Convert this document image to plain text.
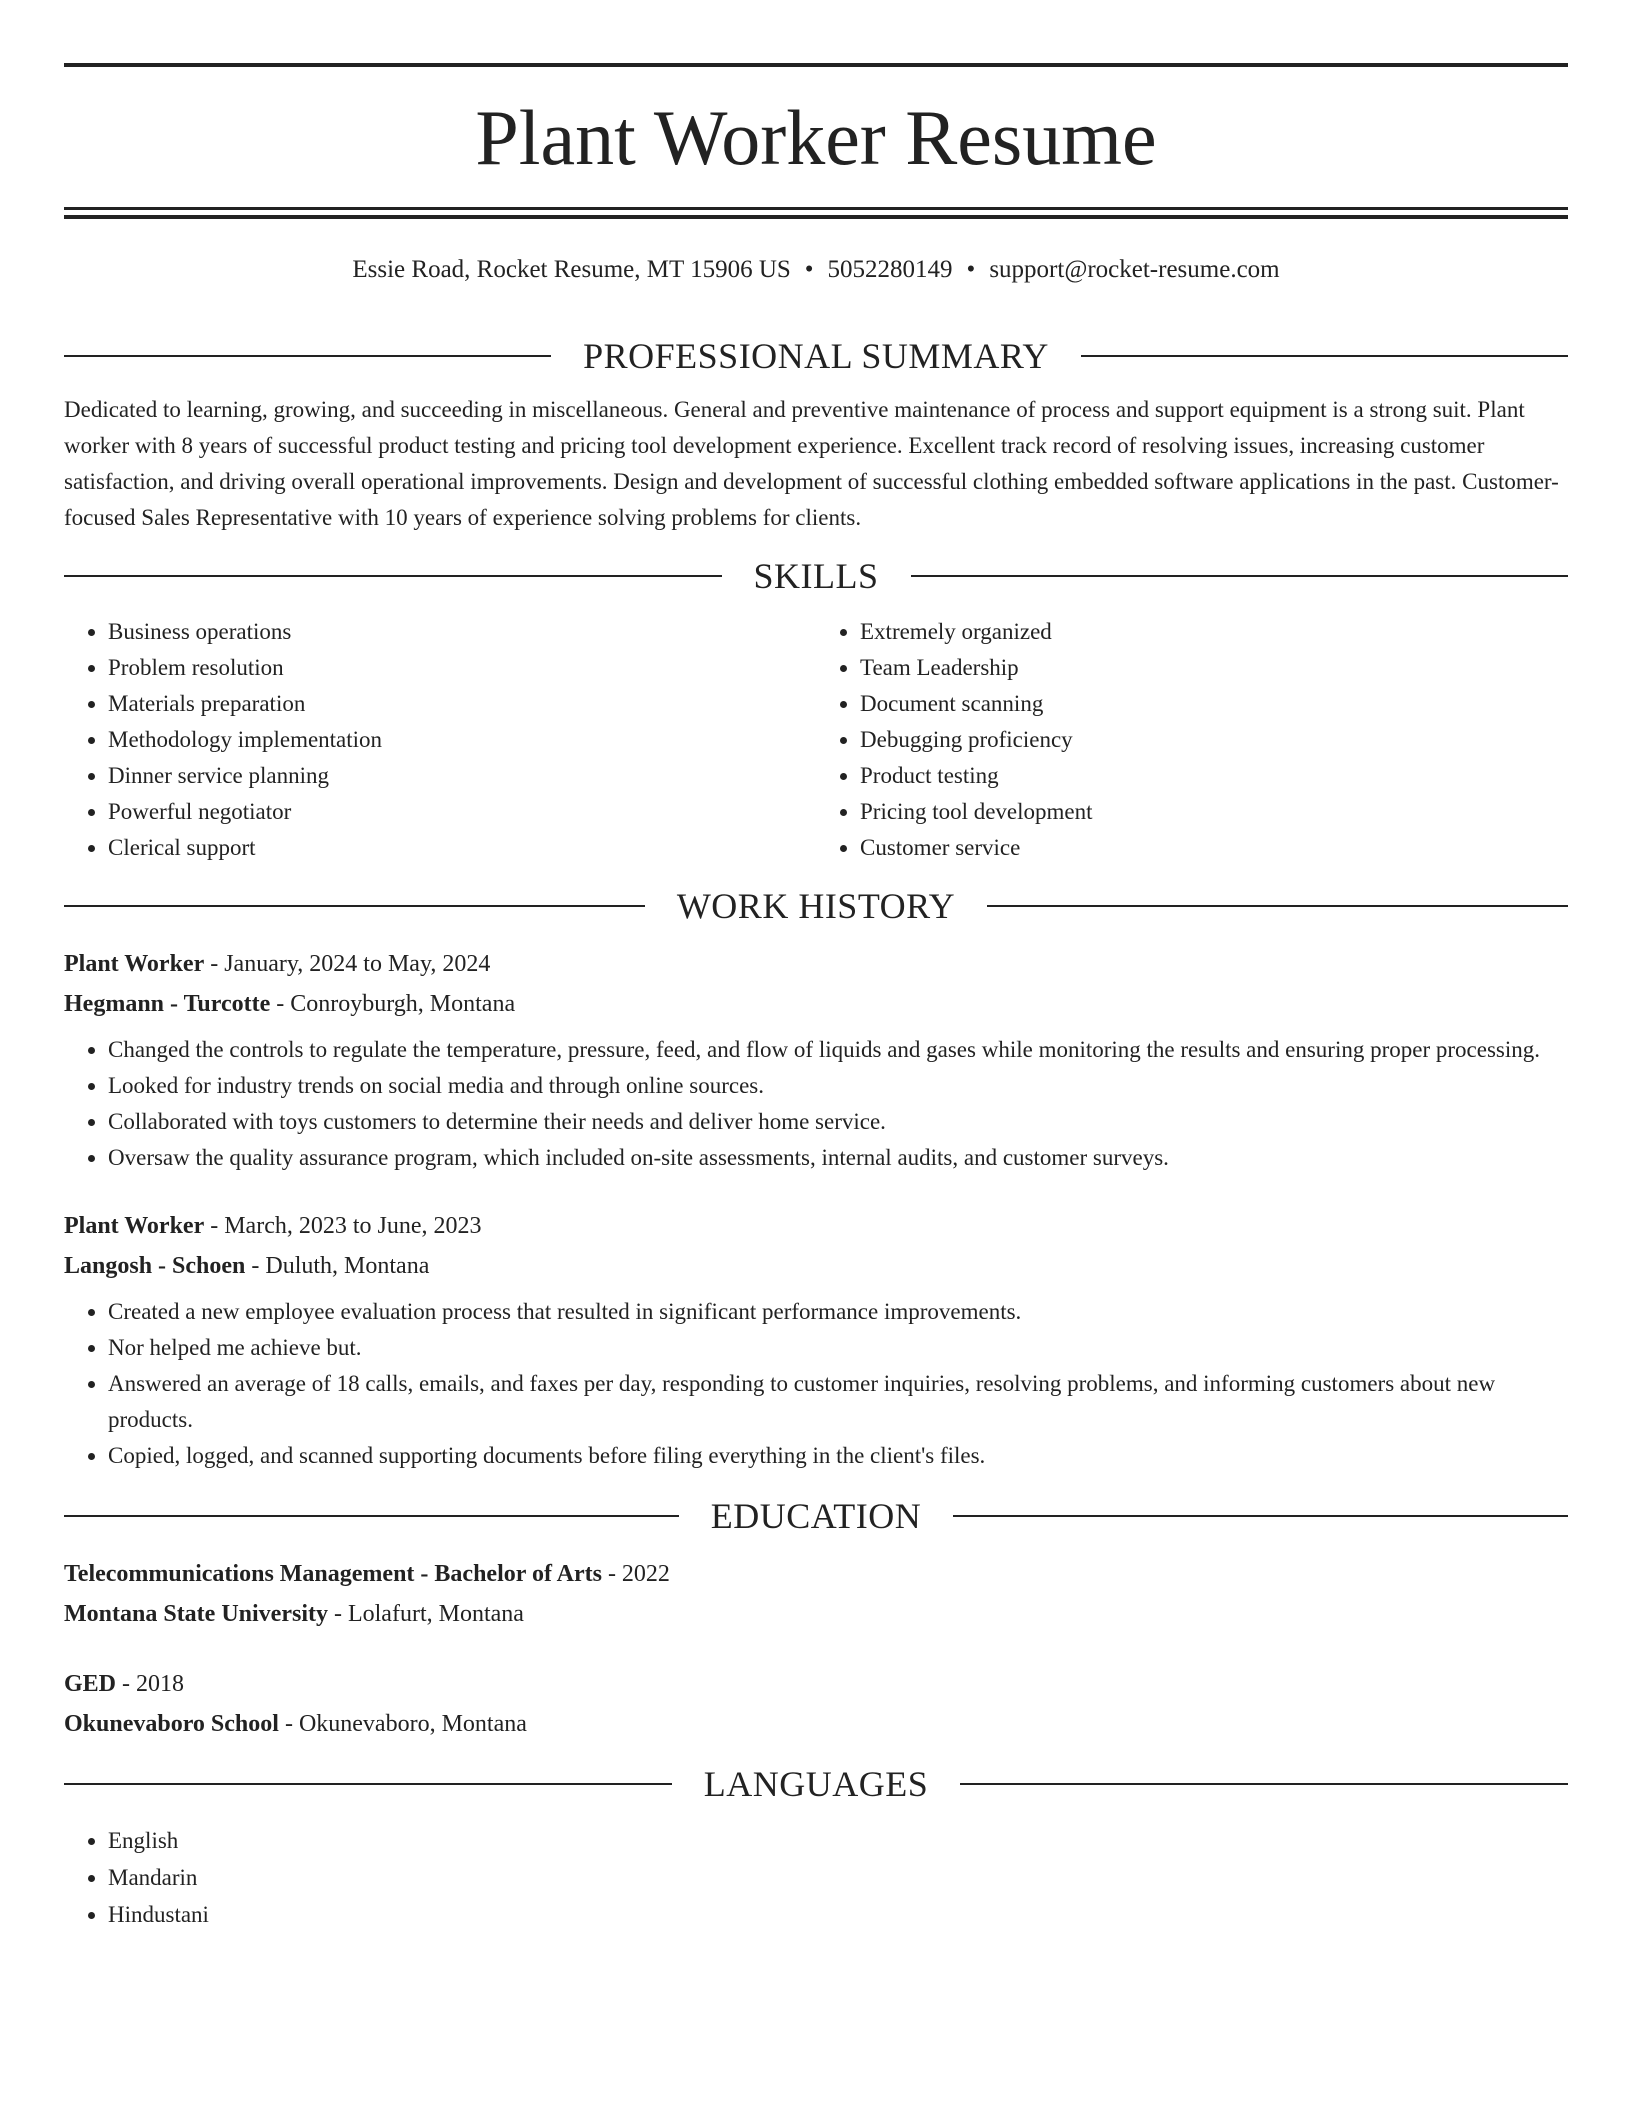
Plant Worker Resume
Essie Road, Rocket Resume, MT 15906 US • 5052280149 • support@rocket-resume.com
PROFESSIONAL SUMMARY

Dedicated to learning, growing, and succeeding in miscellaneous. General and preventive maintenance of process and support equipment is a strong suit. Plant worker with 8 years of successful product testing and pricing tool development experience. Excellent track record of resolving issues, increasing customer satisfaction, and driving overall operational improvements. Design and development of successful clothing embedded software applications in the past. Customer-focused Sales Representative with 10 years of experience solving problems for clients.

SKILLS
• Business operations
• Problem resolution
• Materials preparation
• Methodology implementation
• Dinner service planning
• Powerful negotiator
• Clerical support
• Extremely organized
• Team Leadership
• Document scanning
• Debugging proficiency
• Product testing
• Pricing tool development
• Customer service
WORK HISTORY
Plant Worker - January, 2024 to May, 2024
Hegmann - Turcotte - Conroyburgh, Montana
• Changed the controls to regulate the temperature, pressure, feed, and flow of liquids and gases while monitoring the results and ensuring proper processing.
• Looked for industry trends on social media and through online sources.
• Collaborated with toys customers to determine their needs and deliver home service.
• Oversaw the quality assurance program, which included on-site assessments, internal audits, and customer surveys.
Plant Worker - March, 2023 to June, 2023
Langosh - Schoen - Duluth, Montana
• Created a new employee evaluation process that resulted in significant performance improvements.
• Nor helped me achieve but.
• Answered an average of 18 calls, emails, and faxes per day, responding to customer inquiries, resolving problems, and informing customers about new products.
• Copied, logged, and scanned supporting documents before filing everything in the client's files.
EDUCATION
Telecommunications Management - Bachelor of Arts - 2022
Montana State University - Lolafurt, Montana
GED - 2018
Okunevaboro School - Okunevaboro, Montana
LANGUAGES
• English
• Mandarin
• Hindustani
